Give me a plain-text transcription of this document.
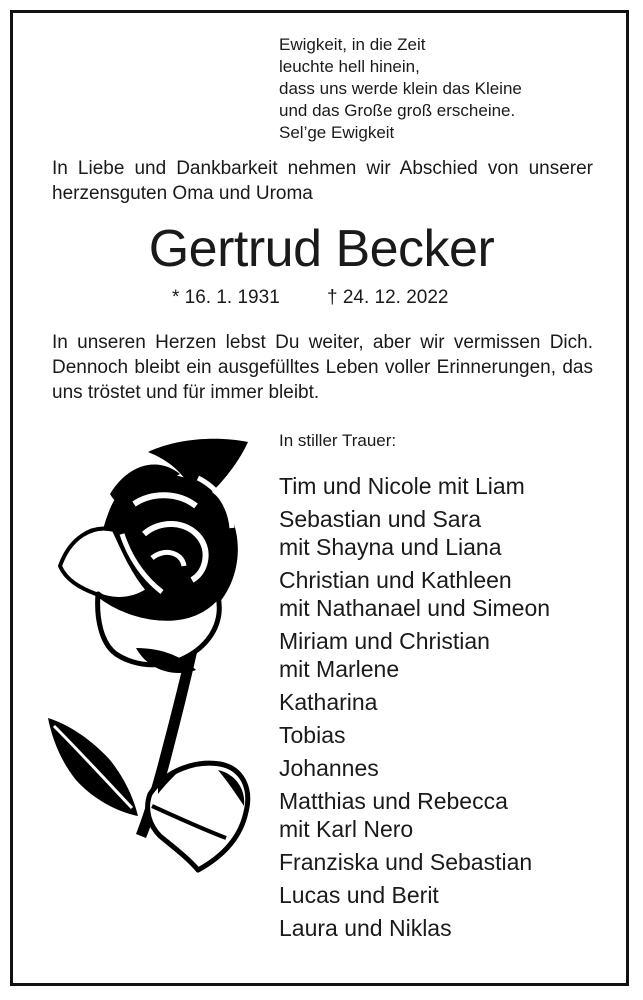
Ewigkeit, in die Zeit
leuchte hell hinein,
dass uns werde klein das Kleine
und das Große groß erscheine.
Sel’ge Ewigkeit
In Liebe und Dankbarkeit nehmen wir Abschied von unserer herzensguten Oma und Uroma
Gertrud Becker
* 16. 1. 1931 † 24. 12. 2022
In unseren Herzen lebst Du weiter, aber wir vermissen Dich. Dennoch bleibt ein ausgefülltes Leben voller Erinnerungen, das uns tröstet und für immer bleibt.
In stiller Trauer:
Tim und Nicole mit Liam
Sebastian und Sara
mit Shayna und Liana
Christian und Kathleen
mit Nathanael und Simeon
Miriam und Christian
mit Marlene
Katharina
Tobias
Johannes
Matthias und Rebecca
mit Karl Nero
Franziska und Sebastian
Lucas und Berit
Laura und Niklas
